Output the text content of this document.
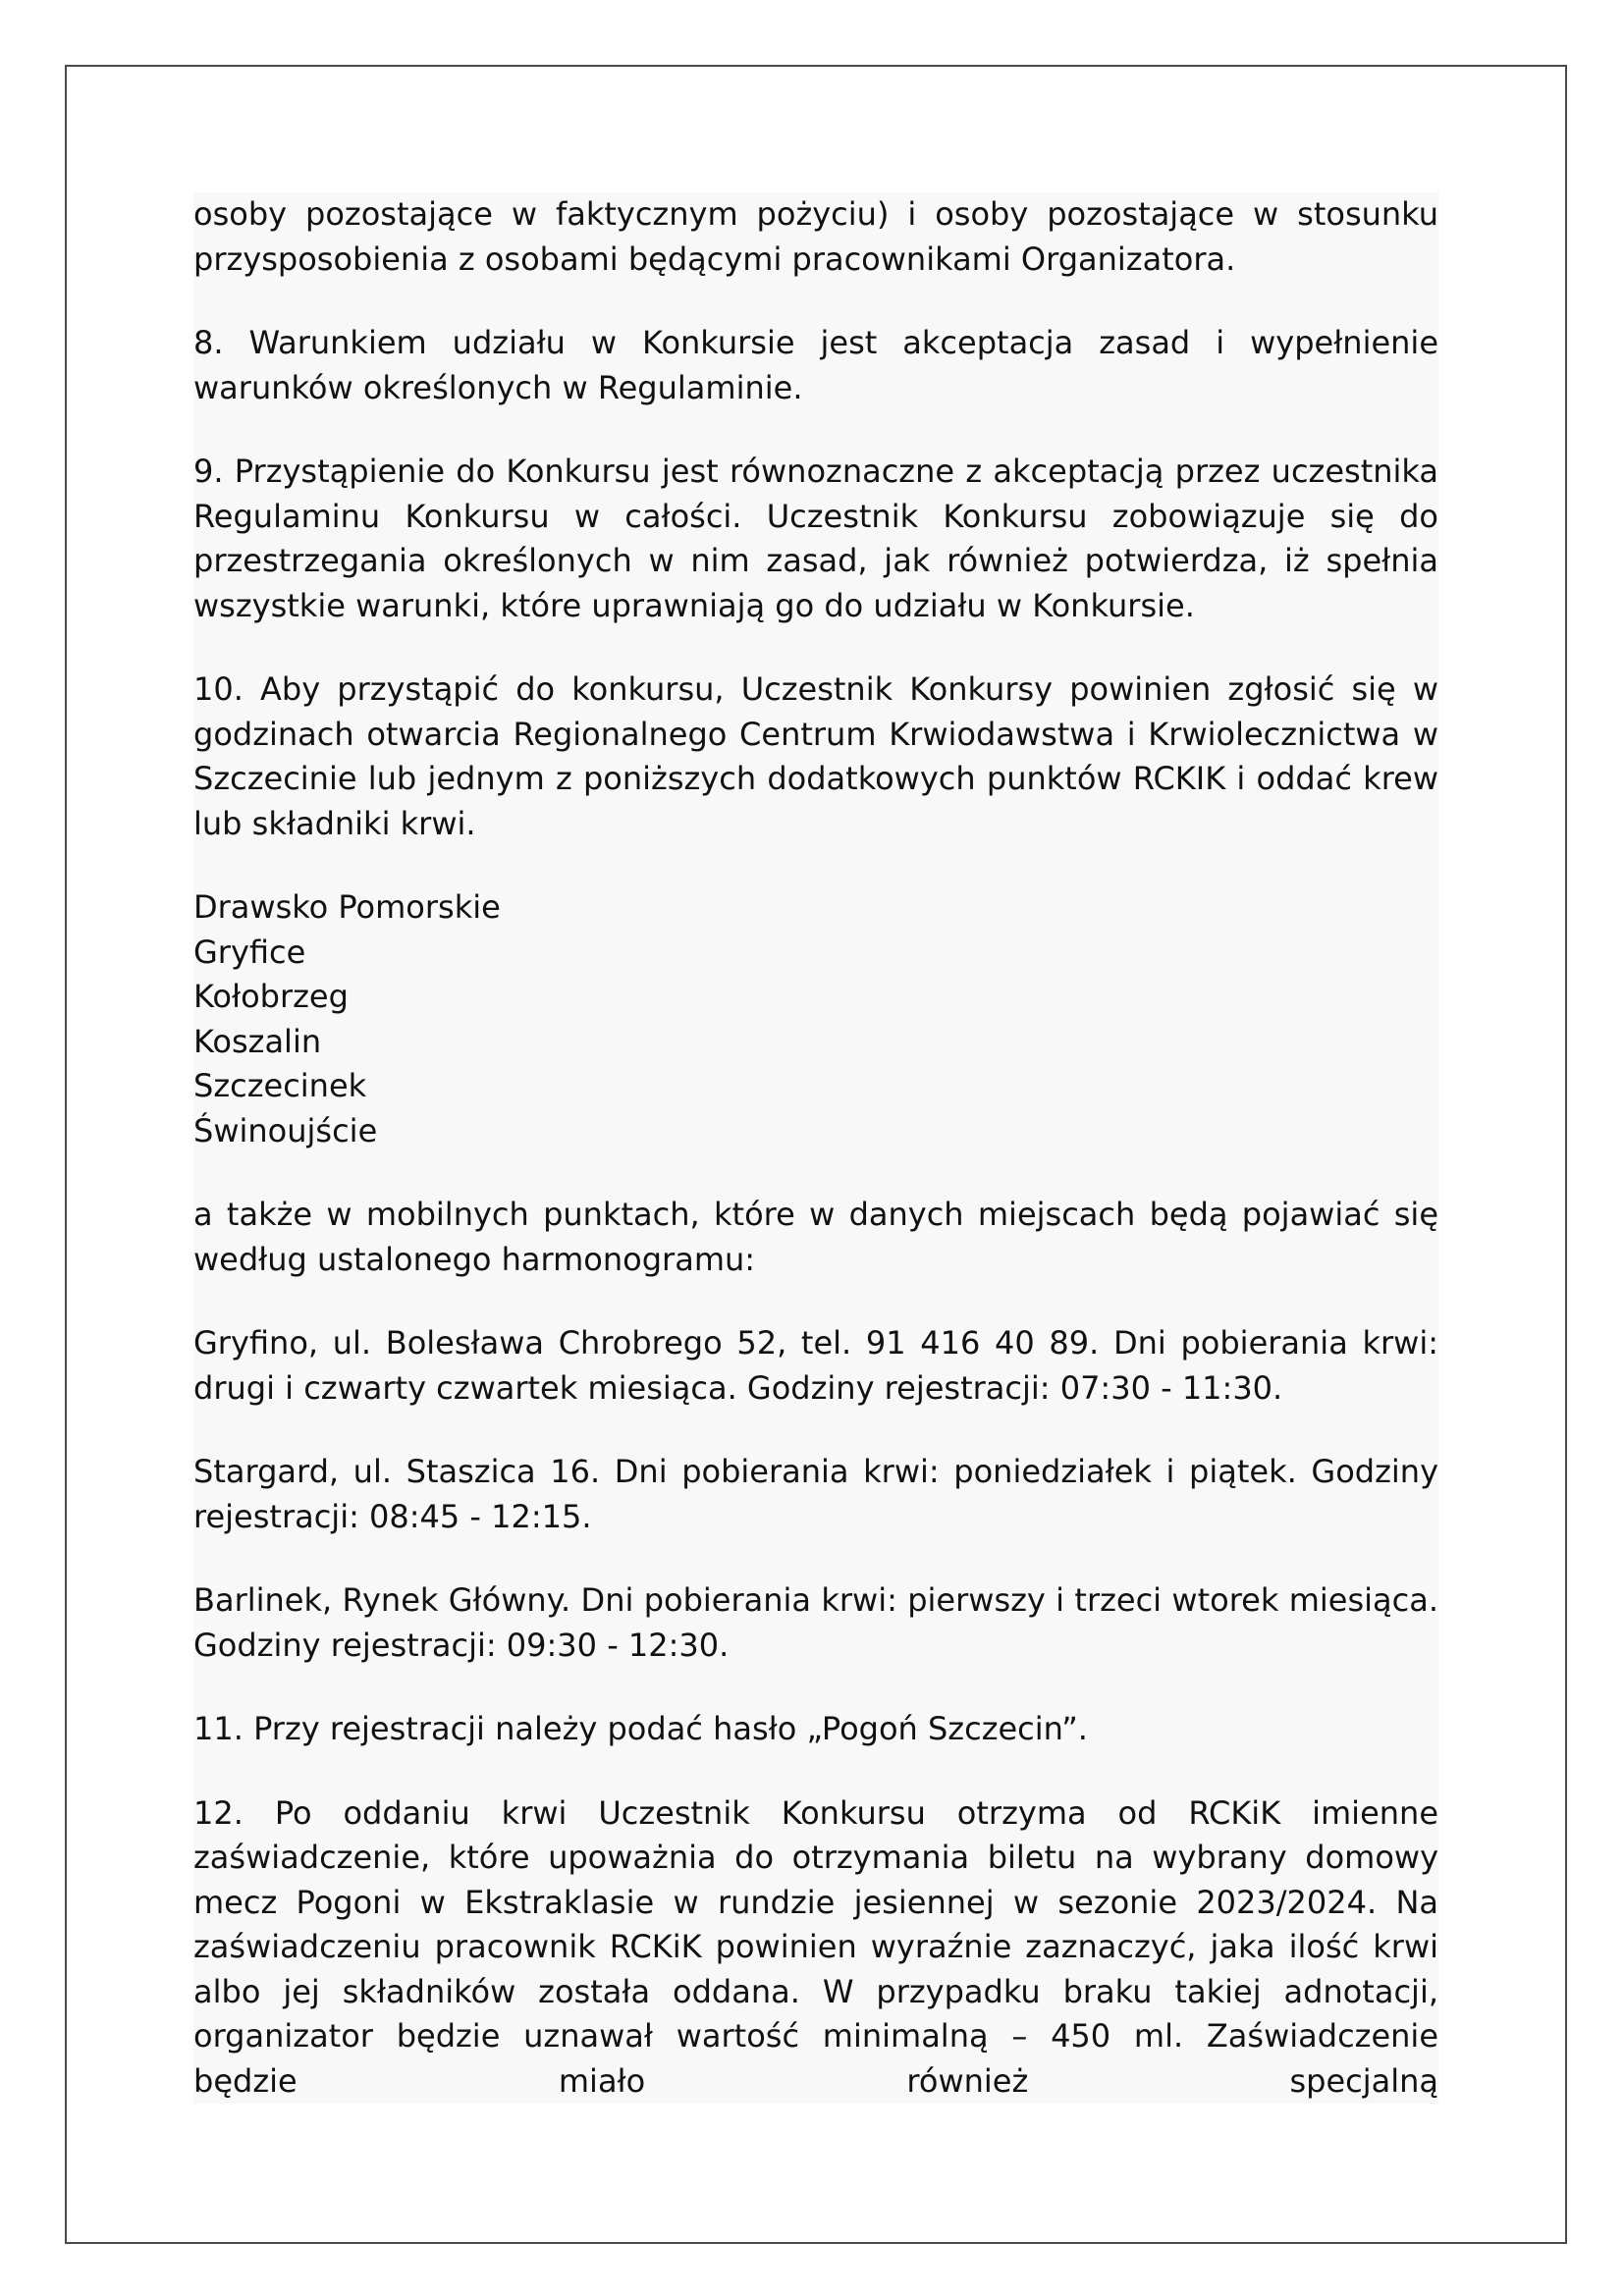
osoby pozostające w faktycznym pożyciu) i osoby pozostające w stosunku przysposobienia z osobami będącymi pracownikami Organizatora.

8. Warunkiem udziału w Konkursie jest akceptacja zasad i wypełnienie warunków określonych w Regulaminie.

9. Przystąpienie do Konkursu jest równoznaczne z akceptacją przez uczestnika Regulaminu Konkursu w całości. Uczestnik Konkursu zobowiązuje się do przestrzegania określonych w nim zasad, jak również potwierdza, iż spełnia wszystkie warunki, które uprawniają go do udziału w Konkursie.

10. Aby przystąpić do konkursu, Uczestnik Konkursy powinien zgłosić się w godzinach otwarcia Regionalnego Centrum Krwiodawstwa i Krwiolecznictwa w Szczecinie lub jednym z poniższych dodatkowych punktów RCKIK i oddać krew lub składniki krwi.

Drawsko Pomorskie
Gryfice
Kołobrzeg
Koszalin
Szczecinek
Świnoujście

a także w mobilnych punktach, które w danych miejscach będą pojawiać się według ustalonego harmonogramu:

Gryfino, ul. Bolesława Chrobrego 52, tel. 91 416 40 89. Dni pobierania krwi: drugi i czwarty czwartek miesiąca. Godziny rejestracji: 07:30 - 11:30.

Stargard, ul. Staszica 16. Dni pobierania krwi: poniedziałek i piątek. Godziny rejestracji: 08:45 - 12:15.

Barlinek, Rynek Główny. Dni pobierania krwi: pierwszy i trzeci wtorek miesiąca. Godziny rejestracji: 09:30 - 12:30.

11. Przy rejestracji należy podać hasło „Pogoń Szczecin”.

12. Po oddaniu krwi Uczestnik Konkursu otrzyma od RCKiK imienne zaświadczenie, które upoważnia do otrzymania biletu na wybrany domowy mecz Pogoni w Ekstraklasie w rundzie jesiennej w sezonie 2023/2024. Na zaświadczeniu pracownik RCKiK powinien wyraźnie zaznaczyć, jaka ilość krwi albo jej składników została oddana. W przypadku braku takiej adnotacji, organizator będzie uznawał wartość minimalną – 450 ml. Zaświadczenie będzie miało również specjalną
